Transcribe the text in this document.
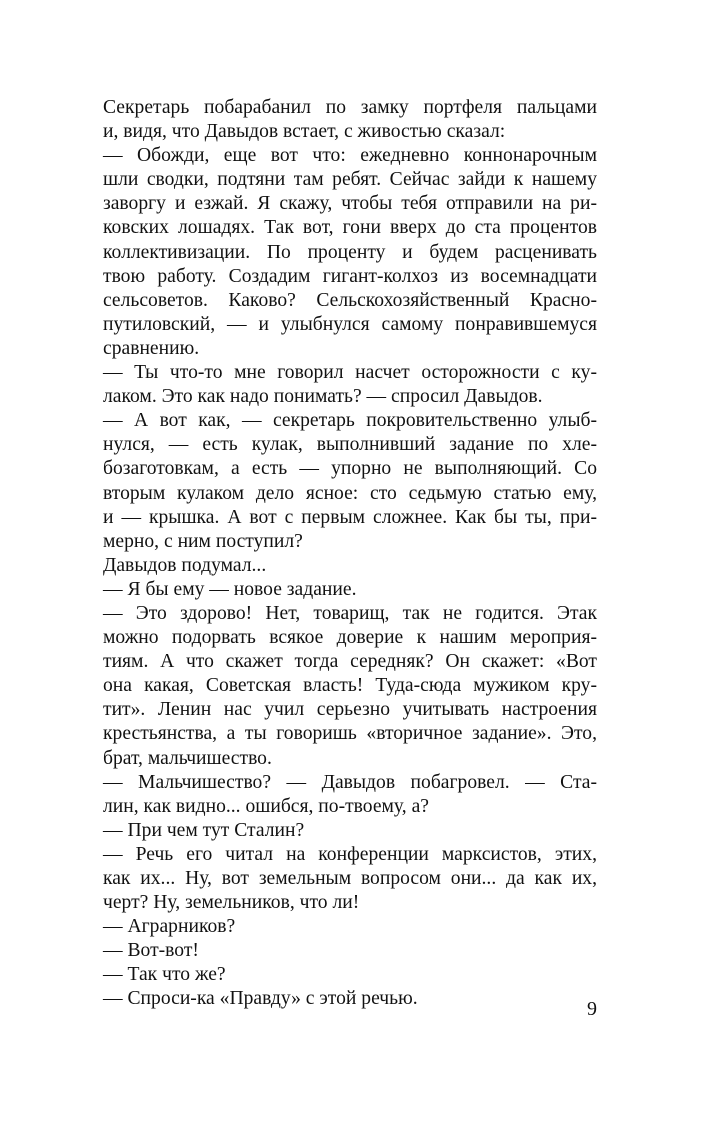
Секретарь побарабанил по замку портфеля пальцами
и, видя, что Давыдов встает, с живостью сказал:
— Обожди, еще вот что: ежедневно коннонарочным
шли сводки, подтяни там ребят. Сейчас зайди к нашему
заворгу и езжай. Я скажу, чтобы тебя отправили на ри-
ковских лошадях. Так вот, гони вверх до ста процентов
коллективизации. По проценту и будем расценивать
твою работу. Создадим гигант-колхоз из восемнадцати
сельсоветов. Каково? Сельскохозяйственный Красно-
путиловский, — и улыбнулся самому понравившемуся
сравнению.
— Ты что-то мне говорил насчет осторожности с ку-
лаком. Это как надо понимать? — спросил Давыдов.
— А вот как, — секретарь покровительственно улыб-
нулся, — есть кулак, выполнивший задание по хле-
бозаготовкам, а есть — упорно не выполняющий. Со
вторым кулаком дело ясное: сто седьмую статью ему,
и — крышка. А вот с первым сложнее. Как бы ты, при-
мерно, с ним поступил?
Давыдов подумал...
— Я бы ему — новое задание.
— Это здорово! Нет, товарищ, так не годится. Этак
можно подорвать всякое доверие к нашим мероприя-
тиям. А что скажет тогда середняк? Он скажет: «Вот
она какая, Советская власть! Туда-сюда мужиком кру-
тит». Ленин нас учил серьезно учитывать настроения
крестьянства, а ты говоришь «вторичное задание». Это,
брат, мальчишество.
— Мальчишество? — Давыдов побагровел. — Ста-
лин, как видно... ошибся, по-твоему, а?
— При чем тут Сталин?
— Речь его читал на конференции марксистов, этих,
как их... Ну, вот земельным вопросом они... да как их,
черт? Ну, земельников, что ли!
— Аграрников?
— Вот-вот!
— Так что же?
— Спроси-ка «Правду» с этой речью.	9
